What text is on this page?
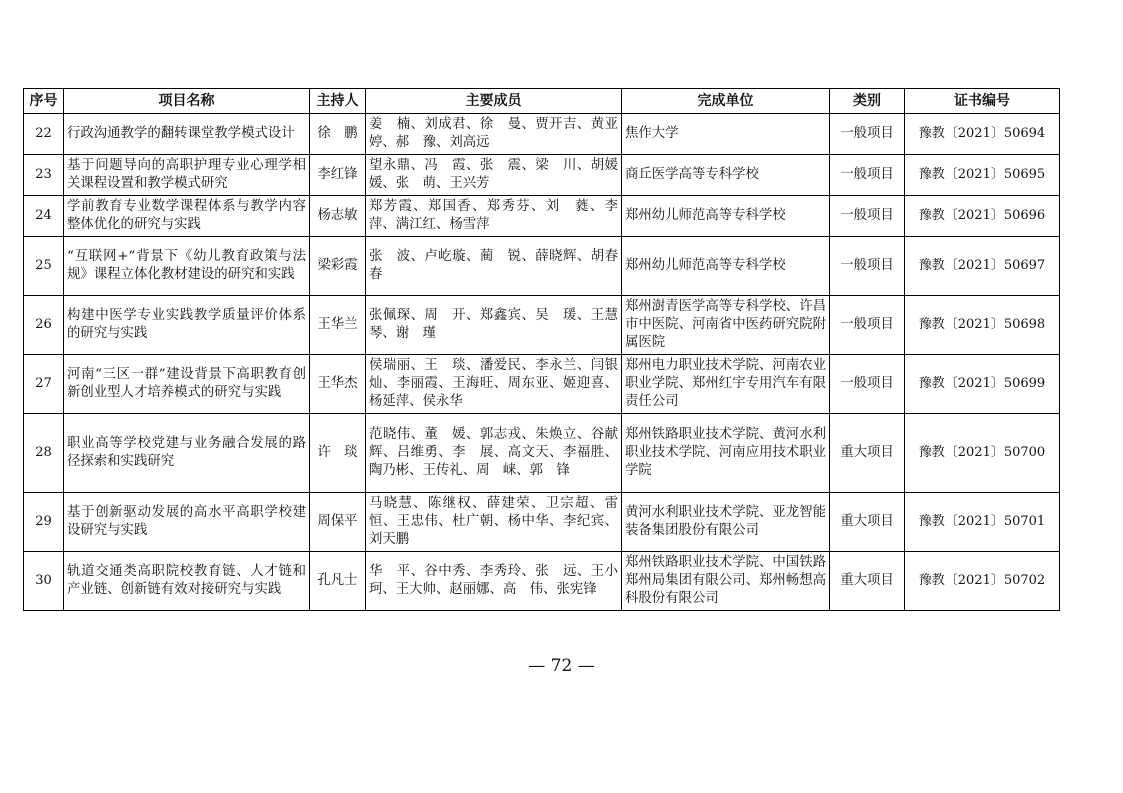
序号	项目名称	主持人	主要成员	完成单位	类别	证书编号
22	行政沟通教学的翻转课堂教学模式设计	徐　鹏	姜　楠、刘成君、徐　曼、贾开吉、黄亚婷、郝　豫、刘高远	焦作大学	一般项目	豫教〔2021〕50694
23	基于问题导向的高职护理专业心理学相关课程设置和教学模式研究	李红锋	望永鼎、冯　霞、张　震、梁　川、胡媛媛、张　萌、王兴芳	商丘医学高等专科学校	一般项目	豫教〔2021〕50695
24	学前教育专业数学课程体系与教学内容整体优化的研究与实践	杨志敏	郑芳霞、郑国香、郑秀芬、刘　蕤、李　萍、满江红、杨雪萍	郑州幼儿师范高等专科学校	一般项目	豫教〔2021〕50696
25	“互联网+”背景下《幼儿教育政策与法规》课程立体化教材建设的研究和实践	梁彩霞	张　波、卢屹璇、蔺　锐、薛晓辉、胡春春	郑州幼儿师范高等专科学校	一般项目	豫教〔2021〕50697
26	构建中医学专业实践教学质量评价体系的研究与实践	王华兰	张佩琛、周　开、郑鑫宾、吴　瑗、王慧琴、谢　瑾	郑州澍青医学高等专科学校、许昌市中医院、河南省中医药研究院附属医院	一般项目	豫教〔2021〕50698
27	河南“三区一群”建设背景下高职教育创新创业型人才培养模式的研究与实践	王华杰	侯瑞丽、王　琰、潘爱民、李永兰、闫银灿、李丽霞、王海旺、周东亚、姬迎喜、杨延萍、侯永华	郑州电力职业技术学院、河南农业职业学院、郑州红宇专用汽车有限责任公司	一般项目	豫教〔2021〕50699
28	职业高等学校党建与业务融合发展的路径探索和实践研究	许　琰	范晓伟、董　媛、郭志戎、朱焕立、谷献辉、吕维勇、李　展、高文天、李福胜、陶乃彬、王传礼、周　崃、郭　锋	郑州铁路职业技术学院、黄河水利职业技术学院、河南应用技术职业学院	重大项目	豫教〔2021〕50700
29	基于创新驱动发展的高水平高职学校建设研究与实践	周保平	马晓慧、陈继权、薛建荣、卫宗超、雷　恒、王忠伟、杜广朝、杨中华、李纪宾、刘天鹏	黄河水利职业技术学院、亚龙智能装备集团股份有限公司	重大项目	豫教〔2021〕50701
30	轨道交通类高职院校教育链、人才链和产业链、创新链有效对接研究与实践	孔凡士	华　平、谷中秀、李秀玲、张　远、王小珂、王大帅、赵丽娜、高　伟、张宪锋	郑州铁路职业技术学院、中国铁路郑州局集团有限公司、郑州畅想高科股份有限公司	重大项目	豫教〔2021〕50702
— 72 —
